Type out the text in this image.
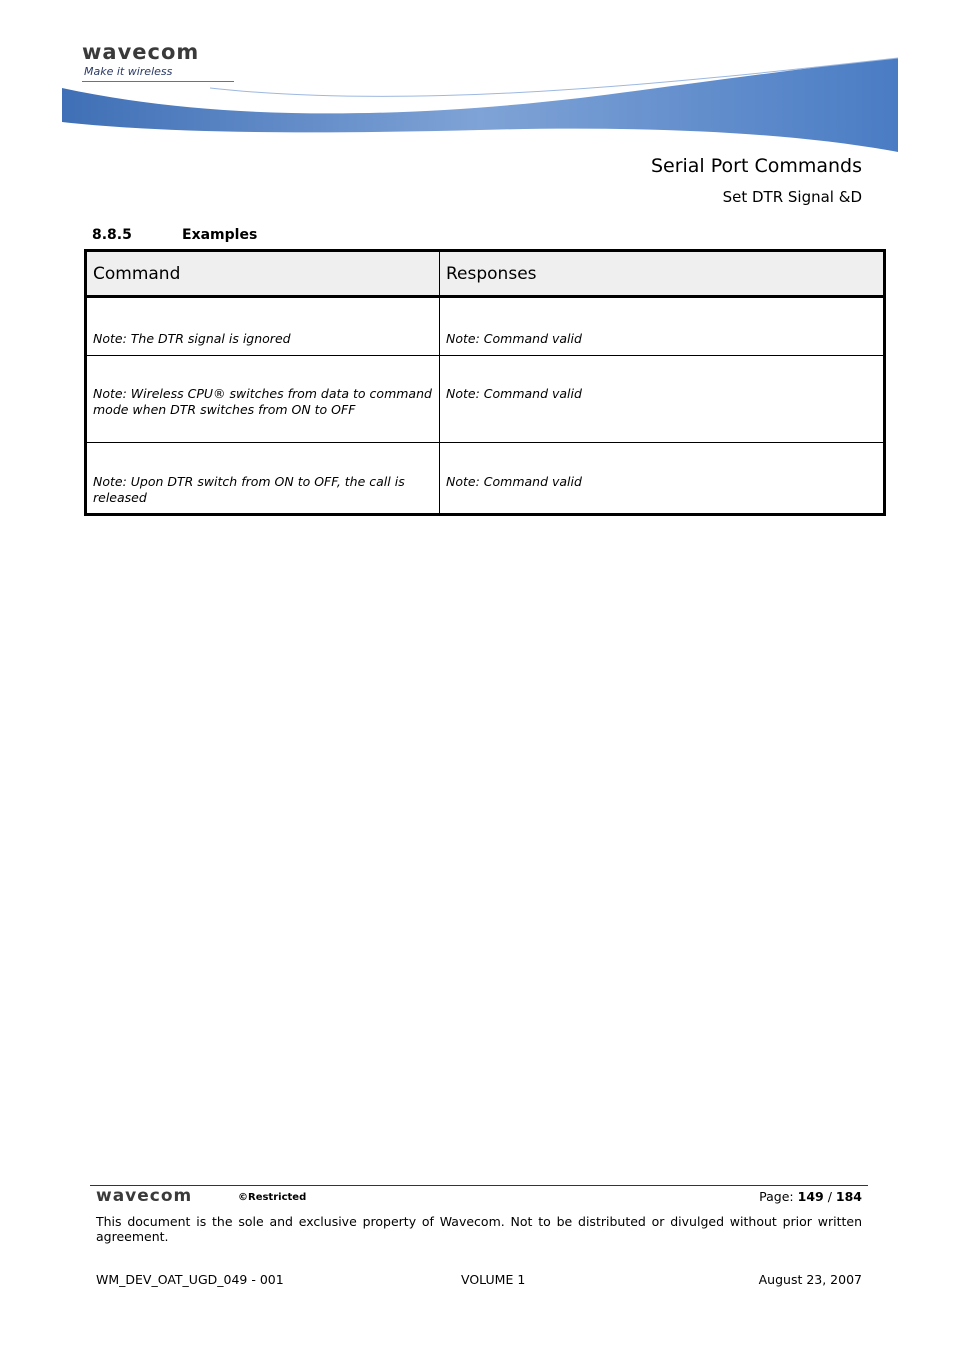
wavecom
Make it wireless
Serial Port Commands
Set DTR Signal &D
8.8.5	Examples
Command	Responses

Note: The DTR signal is ignored	Note: Command valid

Note: Wireless CPU® switches from data to command mode when DTR switches from ON to OFF	Note: Command valid

Note: Upon DTR switch from ON to OFF, the call is released	Note: Command valid
wavecom	©Restricted	Page: 149 / 184
This document is the sole and exclusive property of Wavecom. Not to be distributed or divulged without prior written agreement.
WM_DEV_OAT_UGD_049 - 001	VOLUME 1	August 23, 2007
